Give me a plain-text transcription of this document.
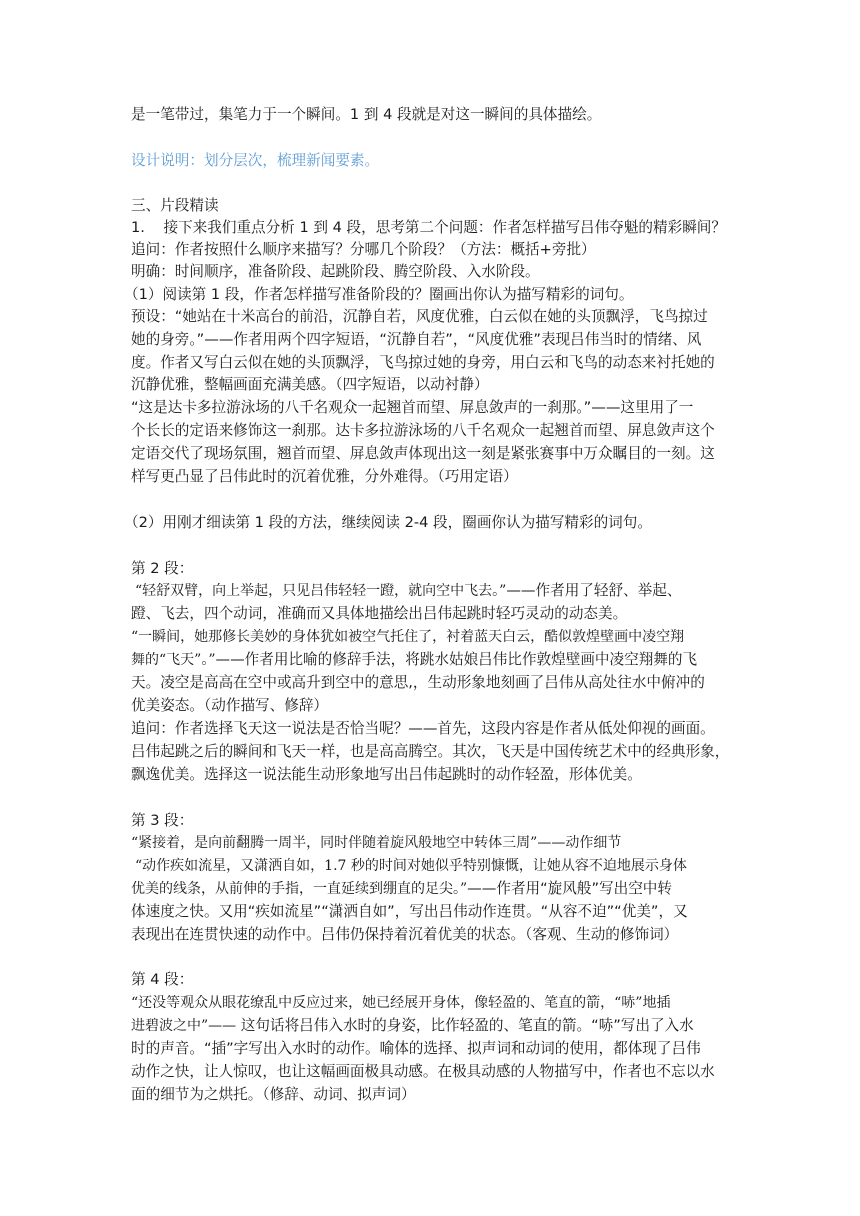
是一笔带过，集笔力于一个瞬间。1 到 4 段就是对这一瞬间的具体描绘。
设计说明：划分层次，梳理新闻要素。
三、片段精读
1.    接下来我们重点分析 1 到 4 段，思考第二个问题：作者怎样描写吕伟夺魁的精彩瞬间？
追问：作者按照什么顺序来描写？分哪几个阶段？（方法：概括+旁批）
明确：时间顺序，准备阶段、起跳阶段、腾空阶段、入水阶段。
（1）阅读第 1 段，作者怎样描写准备阶段的？圈画出你认为描写精彩的词句。
预设：“她站在十米高台的前沿，沉静自若，风度优雅，白云似在她的头顶飘浮，飞鸟掠过
她的身旁。”——作者用两个四字短语，“沉静自若”，“风度优雅”表现吕伟当时的情绪、风
度。作者又写白云似在她的头顶飘浮，飞鸟掠过她的身旁，用白云和飞鸟的动态来衬托她的
沉静优雅，整幅画面充满美感。（四字短语，以动衬静）
“这是达卡多拉游泳场的八千名观众一起翘首而望、屏息敛声的一刹那。”——这里用了一
个长长的定语来修饰这一刹那。达卡多拉游泳场的八千名观众一起翘首而望、屏息敛声这个
定语交代了现场氛围，翘首而望、屏息敛声体现出这一刻是紧张赛事中万众瞩目的一刻。这
样写更凸显了吕伟此时的沉着优雅，分外难得。（巧用定语）
（2）用刚才细读第 1 段的方法，继续阅读 2-4 段，圈画你认为描写精彩的词句。
第 2 段：
“轻舒双臂，向上举起，只见吕伟轻轻一蹬，就向空中飞去。”——作者用了轻舒、举起、
蹬、飞去，四个动词，准确而又具体地描绘出吕伟起跳时轻巧灵动的动态美。
“一瞬间，她那修长美妙的身体犹如被空气托住了，衬着蓝天白云，酷似敦煌壁画中凌空翔
舞的“飞天”。”——作者用比喻的修辞手法，将跳水姑娘吕伟比作敦煌壁画中凌空翔舞的飞
天。凌空是高高在空中或高升到空中的意思,，生动形象地刻画了吕伟从高处往水中俯冲的
优美姿态。（动作描写、修辞）
追问：作者选择飞天这一说法是否恰当呢？——首先，这段内容是作者从低处仰视的画面。
吕伟起跳之后的瞬间和飞天一样，也是高高腾空。其次，飞天是中国传统艺术中的经典形象，
飘逸优美。选择这一说法能生动形象地写出吕伟起跳时的动作轻盈，形体优美。
第 3 段：
“紧接着，是向前翻腾一周半，同时伴随着旋风般地空中转体三周”——动作细节
“动作疾如流星，又潇洒自如，1.7 秒的时间对她似乎特别慷慨，让她从容不迫地展示身体
优美的线条，从前伸的手指，一直延续到绷直的足尖。”——作者用“旋风般”写出空中转
体速度之快。又用“疾如流星”“潇洒自如”，写出吕伟动作连贯。“从容不迫”“优美”，又
表现出在连贯快速的动作中。吕伟仍保持着沉着优美的状态。（客观、生动的修饰词）
第 4 段：
“还没等观众从眼花缭乱中反应过来，她已经展开身体，像轻盈的、笔直的箭，“哧”地插
进碧波之中”—— 这句话将吕伟入水时的身姿，比作轻盈的、笔直的箭。“哧”写出了入水
时的声音。“插”字写出入水时的动作。喻体的选择、拟声词和动词的使用，都体现了吕伟
动作之快，让人惊叹，也让这幅画面极具动感。在极具动感的人物描写中，作者也不忘以水
面的细节为之烘托。（修辞、动词、拟声词）
